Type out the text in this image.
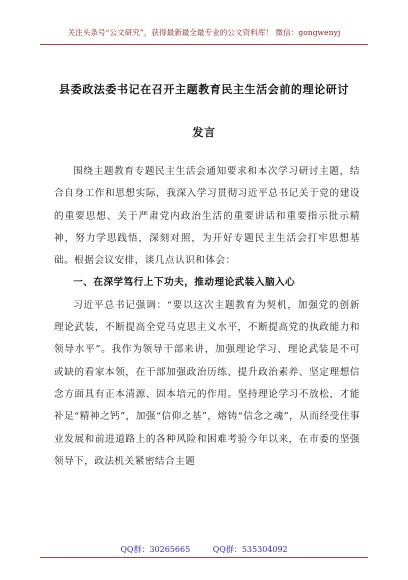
关注头条号“公文研究”，获得最新最全最专业的公文资料库！ 微信：gongwenyj
县委政法委书记在召开主题教育民主生活会前的理论研讨
发言

围绕主题教育专题民主生活会通知要求和本次学习研讨主题，结合自身工作和思想实际，我深入学习贯彻习近平总书记关于党的建设的重要思想、关于严肃党内政治生活的重要讲话和重要指示批示精神，努力学思践悟，深刻对照，为开好专题民主生活会打牢思想基础。根据会议安排，谈几点认识和体会：

一、在深学笃行上下功夫，推动理论武装入脑入心

习近平总书记强调：“要以这次主题教育为契机，加强党的创新理论武装，不断提高全党马克思主义水平，不断提高党的执政能力和领导水平”。我作为领导干部来讲，加强理论学习、理论武装是不可或缺的看家本领，在干部加强政治历练、提升政治素养、坚定理想信念方面具有正本清源、固本培元的作用。坚持理论学习不放松，才能补足“精神之钙”，加强“信仰之基”，熔铸“信念之魂”，从而经受住事业发展和前进道路上的各种风险和困难考验今年以来，在市委的坚强领导下，政法机关紧密结合主题

QQ群：30265665	QQ群：535304092
